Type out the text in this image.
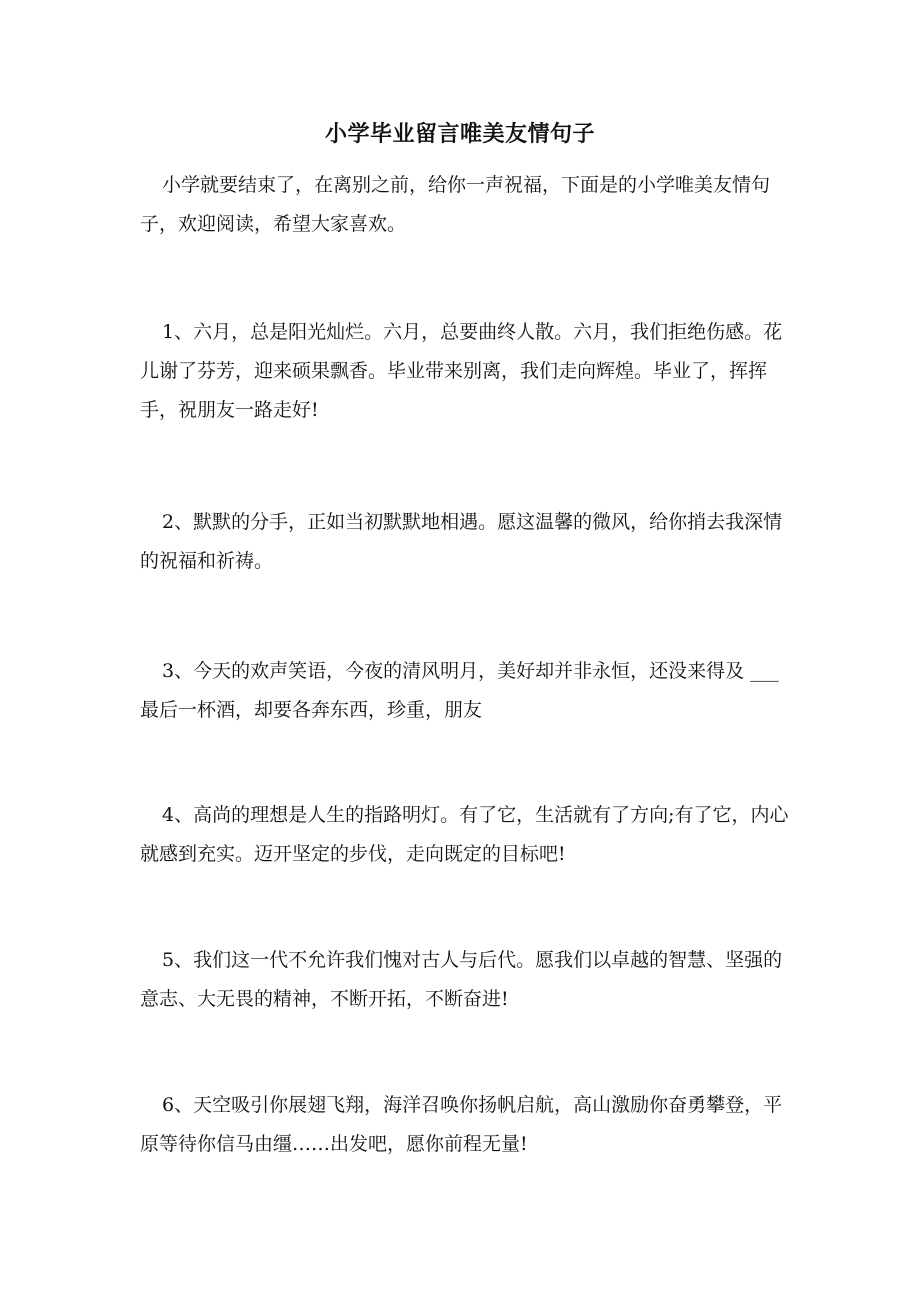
小学毕业留言唯美友情句子

小学就要结束了，在离别之前，给你一声祝福，下面是的小学唯美友情句子，欢迎阅读，希望大家喜欢。

1、六月，总是阳光灿烂。六月，总要曲终人散。六月，我们拒绝伤感。花儿谢了芬芳，迎来硕果飘香。毕业带来别离，我们走向辉煌。毕业了，挥挥手，祝朋友一路走好!

2、默默的分手，正如当初默默地相遇。愿这温馨的微风，给你捎去我深情的祝福和祈祷。

3、今天的欢声笑语，今夜的清风明月，美好却并非永恒，还没来得及 ___最后一杯酒，却要各奔东西，珍重，朋友

4、高尚的理想是人生的指路明灯。有了它，生活就有了方向;有了它，内心就感到充实。迈开坚定的步伐，走向既定的目标吧!

5、我们这一代不允许我们愧对古人与后代。愿我们以卓越的智慧、坚强的意志、大无畏的精神，不断开拓，不断奋进!

6、天空吸引你展翅飞翔，海洋召唤你扬帆启航，高山激励你奋勇攀登，平原等待你信马由缰……出发吧，愿你前程无量!
